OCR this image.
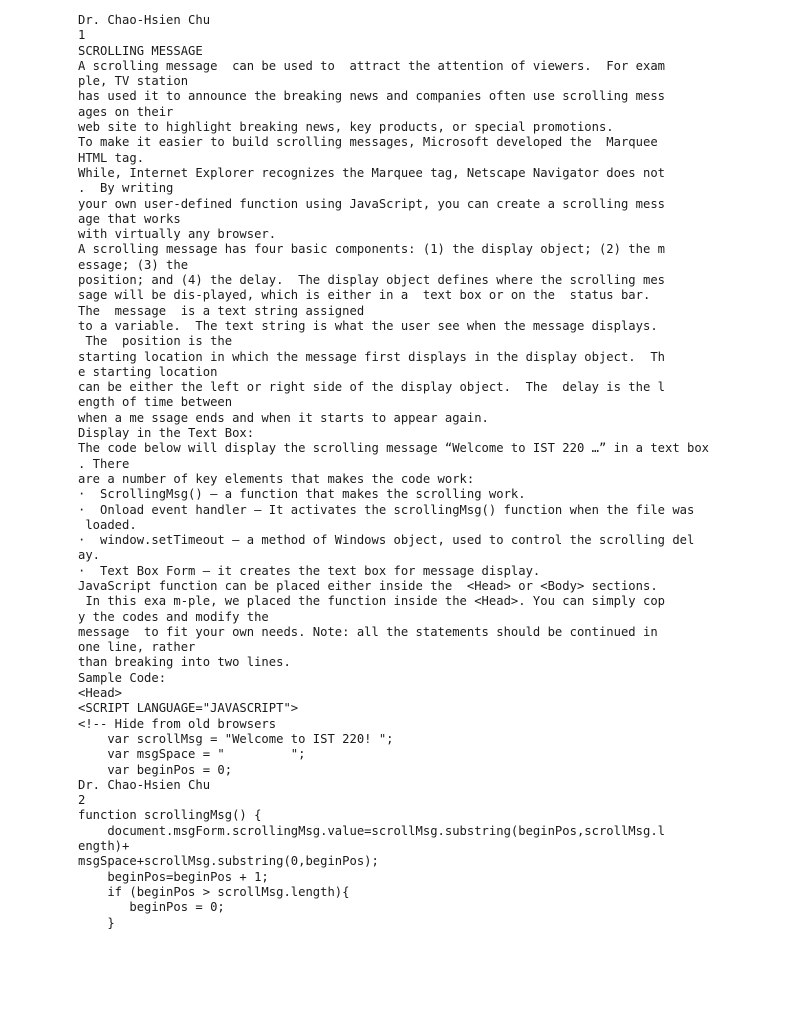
Dr. Chao-Hsien Chu
1
SCROLLING MESSAGE
A scrolling message  can be used to  attract the attention of viewers.  For exam
ple, TV station
has used it to announce the breaking news and companies often use scrolling mess
ages on their
web site to highlight breaking news, key products, or special promotions.
To make it easier to build scrolling messages, Microsoft developed the  Marquee
HTML tag.
While, Internet Explorer recognizes the Marquee tag, Netscape Navigator does not
.  By writing
your own user-defined function using JavaScript, you can create a scrolling mess
age that works
with virtually any browser.
A scrolling message has four basic components: (1) the display object; (2) the m
essage; (3) the
position; and (4) the delay.  The display object defines where the scrolling mes
sage will be dis-played, which is either in a  text box or on the  status bar.
The  message  is a text string assigned
to a variable.  The text string is what the user see when the message displays.
The  position is the
starting location in which the message first displays in the display object.  Th
e starting location
can be either the left or right side of the display object.  The  delay is the l
ength of time between
when a me ssage ends and when it starts to appear again.
Display in the Text Box:
The code below will display the scrolling message “Welcome to IST 220 …” in a text box
. There
are a number of key elements that makes the code work:
·  ScrollingMsg() – a function that makes the scrolling work.
·  Onload event handler – It activates the scrollingMsg() function when the file was
loaded.
·  window.setTimeout – a method of Windows object, used to control the scrolling del
ay.
·  Text Box Form – it creates the text box for message display.
JavaScript function can be placed either inside the  <Head> or <Body> sections.
In this exa m-ple, we placed the function inside the <Head>. You can simply cop
y the codes and modify the
message  to fit your own needs. Note: all the statements should be continued in
one line, rather
than breaking into two lines.
Sample Code:
<Head>
<SCRIPT LANGUAGE="JAVASCRIPT">
<!-- Hide from old browsers
var scrollMsg = "Welcome to IST 220! ";
var msgSpace = "         ";
var beginPos = 0;
Dr. Chao-Hsien Chu
2
function scrollingMsg() {
document.msgForm.scrollingMsg.value=scrollMsg.substring(beginPos,scrollMsg.l
ength)+
msgSpace+scrollMsg.substring(0,beginPos);
beginPos=beginPos + 1;
if (beginPos > scrollMsg.length){
beginPos = 0;
}
